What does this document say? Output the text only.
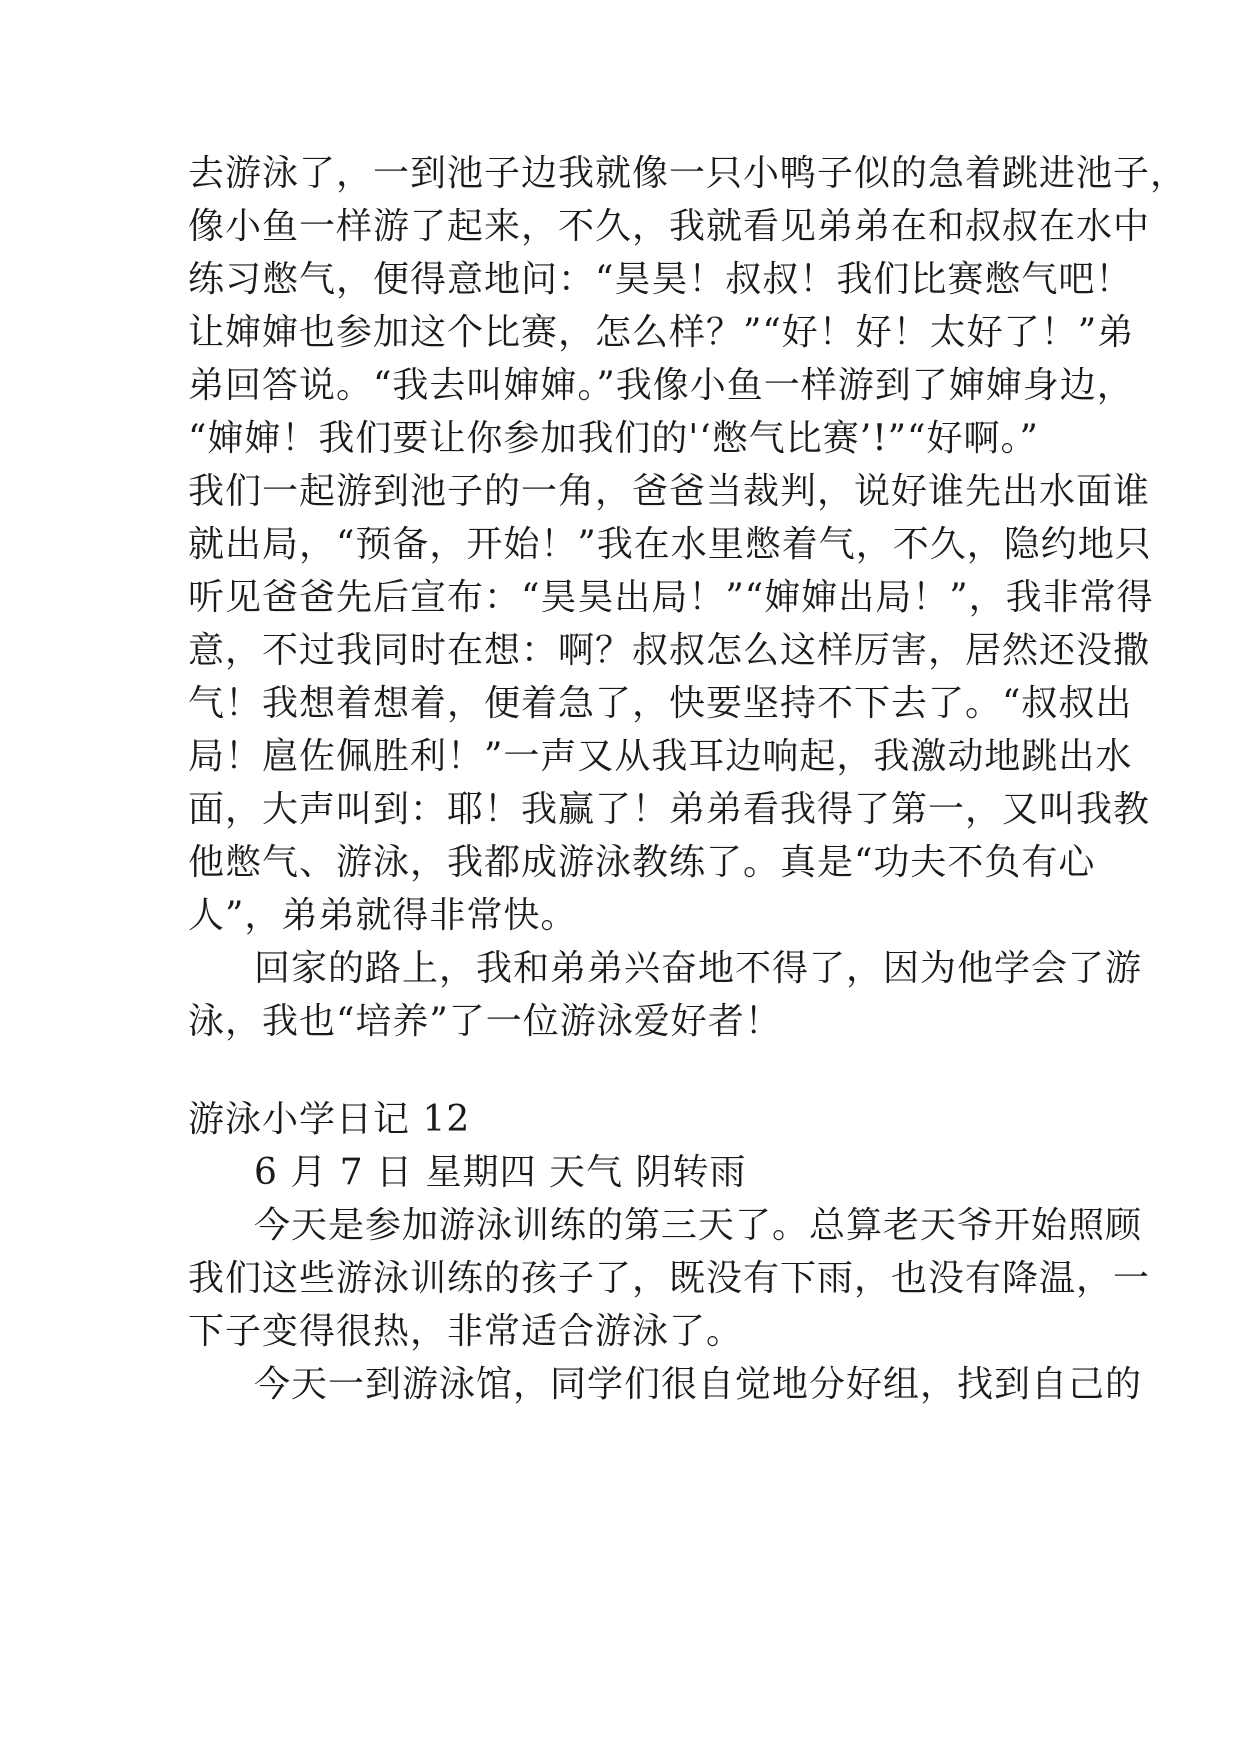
去游泳了，一到池子边我就像一只小鸭子似的急着跳进池子，
像小鱼一样游了起来，不久，我就看见弟弟在和叔叔在水中
练习憋气，便得意地问：“昊昊！叔叔！我们比赛憋气吧！
让婶婶也参加这个比赛，怎么样？”“好！好！太好了！”弟
弟回答说。“我去叫婶婶。”我像小鱼一样游到了婶婶身边，
“婶婶！我们要让你参加我们的'‘憋气比赛’!”“好啊。”
我们一起游到池子的一角，爸爸当裁判，说好谁先出水面谁
就出局，“预备，开始！”我在水里憋着气，不久，隐约地只
听见爸爸先后宣布：“昊昊出局！”“婶婶出局！”，我非常得
意，不过我同时在想：啊？叔叔怎么这样厉害，居然还没撒
气！我想着想着，便着急了，快要坚持不下去了。“叔叔出
局！扈佐佩胜利！”一声又从我耳边响起，我激动地跳出水
面，大声叫到：耶！我赢了！弟弟看我得了第一，又叫我教
他憋气、游泳，我都成游泳教练了。真是“功夫不负有心
人”，弟弟就得非常快。
回家的路上，我和弟弟兴奋地不得了，因为他学会了游
泳，我也“培养”了一位游泳爱好者！
游泳小学日记 12
6 月 7 日 星期四 天气 阴转雨
今天是参加游泳训练的第三天了。总算老天爷开始照顾
我们这些游泳训练的孩子了，既没有下雨，也没有降温，一
下子变得很热，非常适合游泳了。
今天一到游泳馆，同学们很自觉地分好组，找到自己的
